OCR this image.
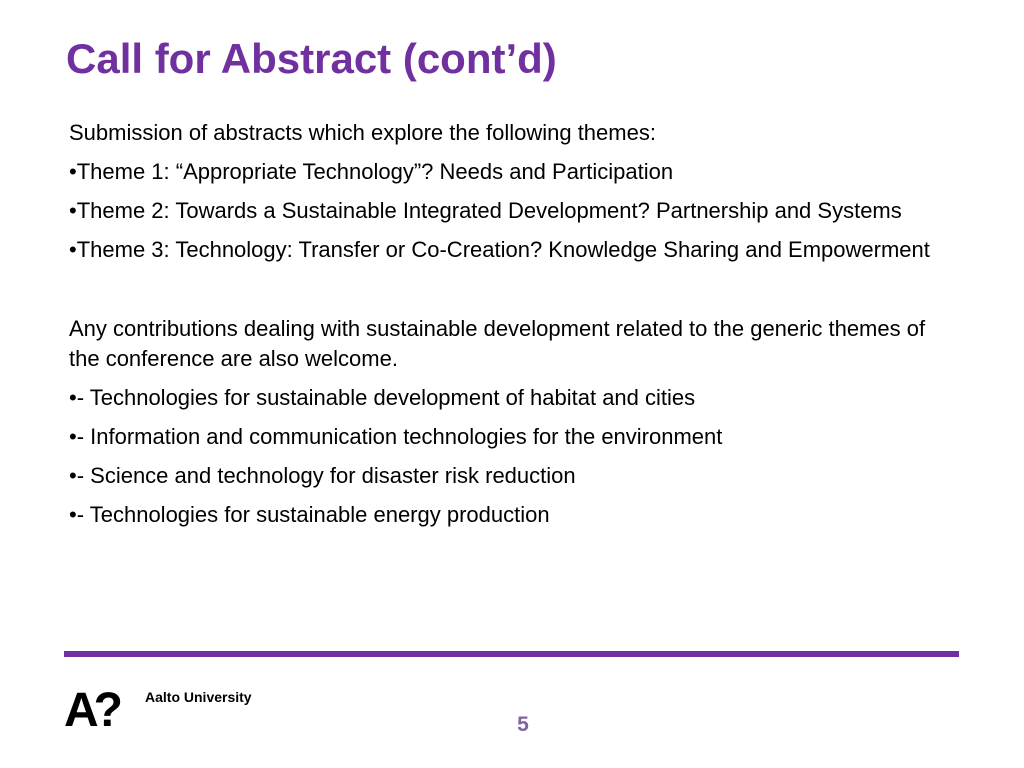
Call for Abstract (cont’d)

Submission of abstracts which explore the following themes:

•Theme 1: “Appropriate Technology”? Needs and Participation

•Theme 2: Towards a Sustainable Integrated Development? Partnership and Systems

•Theme 3: Technology: Transfer or Co-Creation? Knowledge Sharing and Empowerment

Any contributions dealing with sustainable development related to the generic themes of the conference are also welcome.

•- Technologies for sustainable development of habitat and cities

•- Information and communication technologies for the environment

•- Science and technology for disaster risk reduction

•- Technologies for sustainable energy production

A? Aalto University
5
